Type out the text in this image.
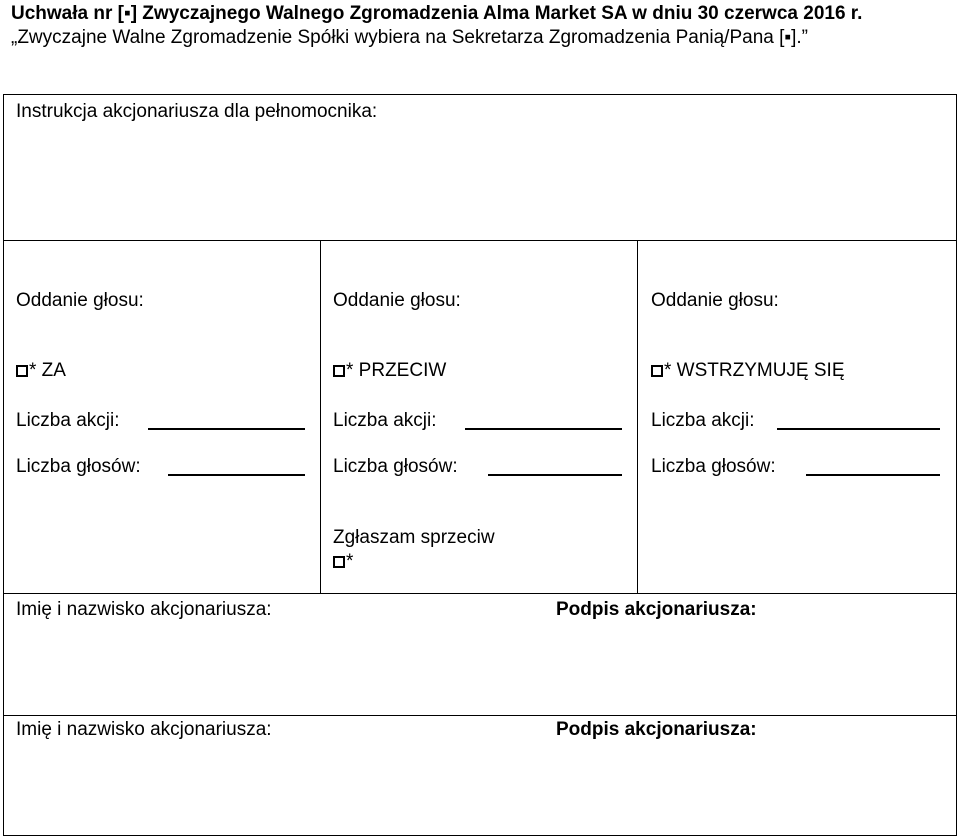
Uchwała nr [▪] Zwyczajnego Walnego Zgromadzenia Alma Market SA w dniu 30 czerwca 2016 r.
„Zwyczajne Walne Zgromadzenie Spółki wybiera na Sekretarza Zgromadzenia Panią/Pana [▪].”
Instrukcja akcjonariusza dla pełnomocnika:
Oddanie głosu:
* ZA
Liczba akcji:
Liczba głosów:
Oddanie głosu:
* PRZECIW
Liczba akcji:
Liczba głosów:
Oddanie głosu:
* WSTRZYMUJĘ SIĘ
Liczba akcji:
Liczba głosów:
Zgłaszam sprzeciw
*
Imię i nazwisko akcjonariusza:	Podpis akcjonariusza:
Imię i nazwisko akcjonariusza:	Podpis akcjonariusza:
